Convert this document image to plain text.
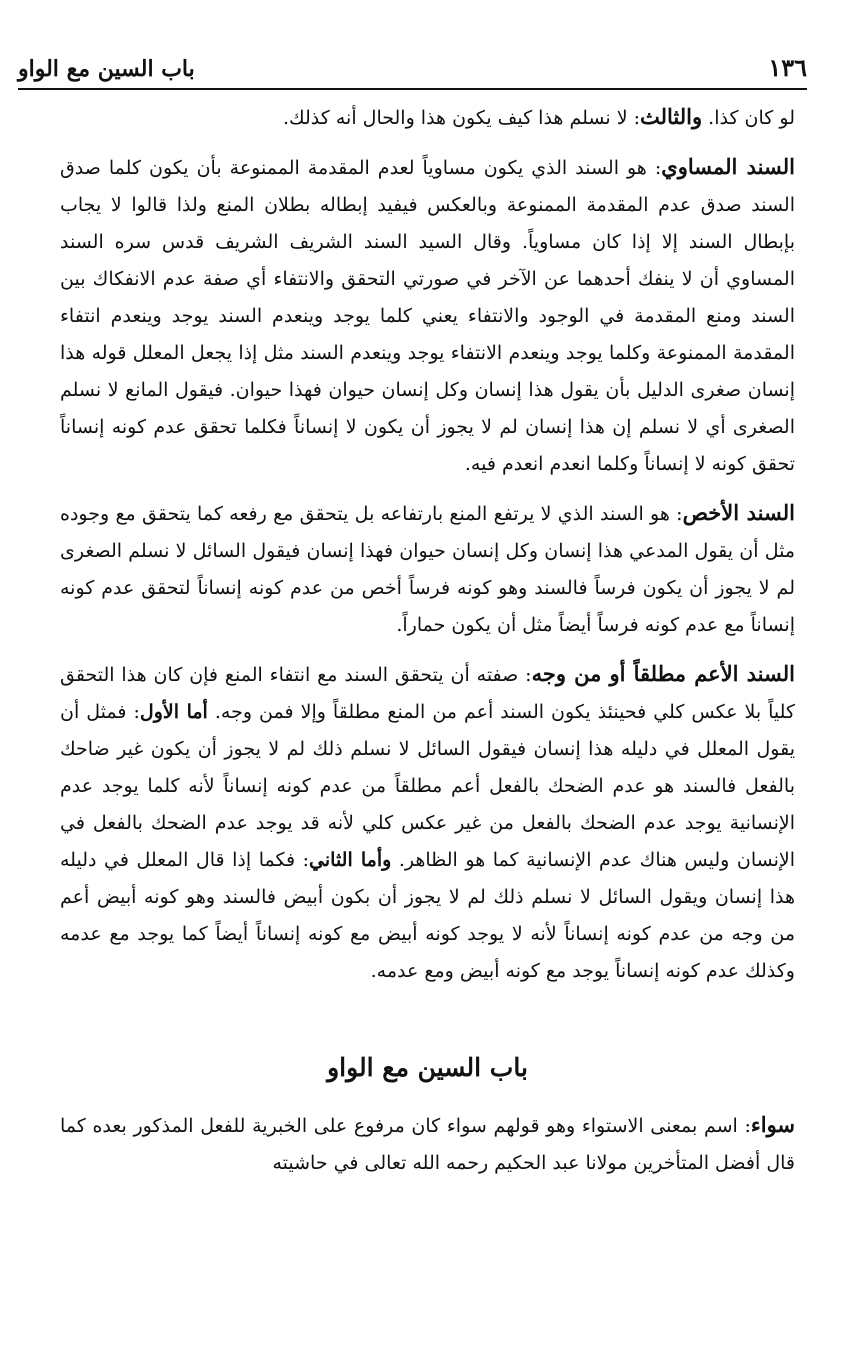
١٣٦
باب السين مع الواو

لو كان كذا. والثالث: لا نسلم هذا كيف يكون هذا والحال أنه كذلك.

السند المساوي: هو السند الذي يكون مساوياً لعدم المقدمة الممنوعة بأن يكون كلما صدق السند صدق عدم المقدمة الممنوعة وبالعكس فيفيد إبطاله بطلان المنع ولذا قالوا لا يجاب بإبطال السند إلا إذا كان مساوياً. وقال السيد السند الشريف الشريف قدس سره السند المساوي أن لا ينفك أحدهما عن الآخر في صورتي التحقق والانتفاء أي صفة عدم الانفكاك بين السند ومنع المقدمة في الوجود والانتفاء يعني كلما يوجد وينعدم السند يوجد وينعدم انتفاء المقدمة الممنوعة وكلما يوجد وينعدم الانتفاء يوجد وينعدم السند مثل إذا يجعل المعلل قوله هذا إنسان صغرى الدليل بأن يقول هذا إنسان وكل إنسان حيوان فهذا حيوان. فيقول المانع لا نسلم الصغرى أي لا نسلم إن هذا إنسان لم لا يجوز أن يكون لا إنساناً فكلما تحقق عدم كونه إنساناً تحقق كونه لا إنساناً وكلما انعدم انعدم فيه.

السند الأخص: هو السند الذي لا يرتفع المنع بارتفاعه بل يتحقق مع رفعه كما يتحقق مع وجوده مثل أن يقول المدعي هذا إنسان وكل إنسان حيوان فهذا إنسان فيقول السائل لا نسلم الصغرى لم لا يجوز أن يكون فرساً فالسند وهو كونه فرساً أخص من عدم كونه إنساناً لتحقق عدم كونه إنساناً مع عدم كونه فرساً أيضاً مثل أن يكون حماراً.

السند الأعم مطلقاً أو من وجه: صفته أن يتحقق السند مع انتفاء المنع فإن كان هذا التحقق كلياً بلا عكس كلي فحينئذ يكون السند أعم من المنع مطلقاً وإلا فمن وجه. أما الأول: فمثل أن يقول المعلل في دليله هذا إنسان فيقول السائل لا نسلم ذلك لم لا يجوز أن يكون غير ضاحك بالفعل فالسند هو عدم الضحك بالفعل أعم مطلقاً من عدم كونه إنساناً لأنه كلما يوجد عدم الإنسانية يوجد عدم الضحك بالفعل من غير عكس كلي لأنه قد يوجد عدم الضحك بالفعل في الإنسان وليس هناك عدم الإنسانية كما هو الظاهر. وأما الثاني: فكما إذا قال المعلل في دليله هذا إنسان ويقول السائل لا نسلم ذلك لم لا يجوز أن بكون أبيض فالسند وهو كونه أبيض أعم من وجه من عدم كونه إنساناً لأنه لا يوجد كونه أبيض مع كونه إنساناً أيضاً كما يوجد مع عدمه وكذلك عدم كونه إنساناً يوجد مع كونه أبيض ومع عدمه.

باب السين مع الواو

سواء: اسم بمعنى الاستواء وهو قولهم سواء كان مرفوع على الخبرية للفعل المذكور بعده كما قال أفضل المتأخرين مولانا عبد الحكيم رحمه الله تعالى في حاشيته
